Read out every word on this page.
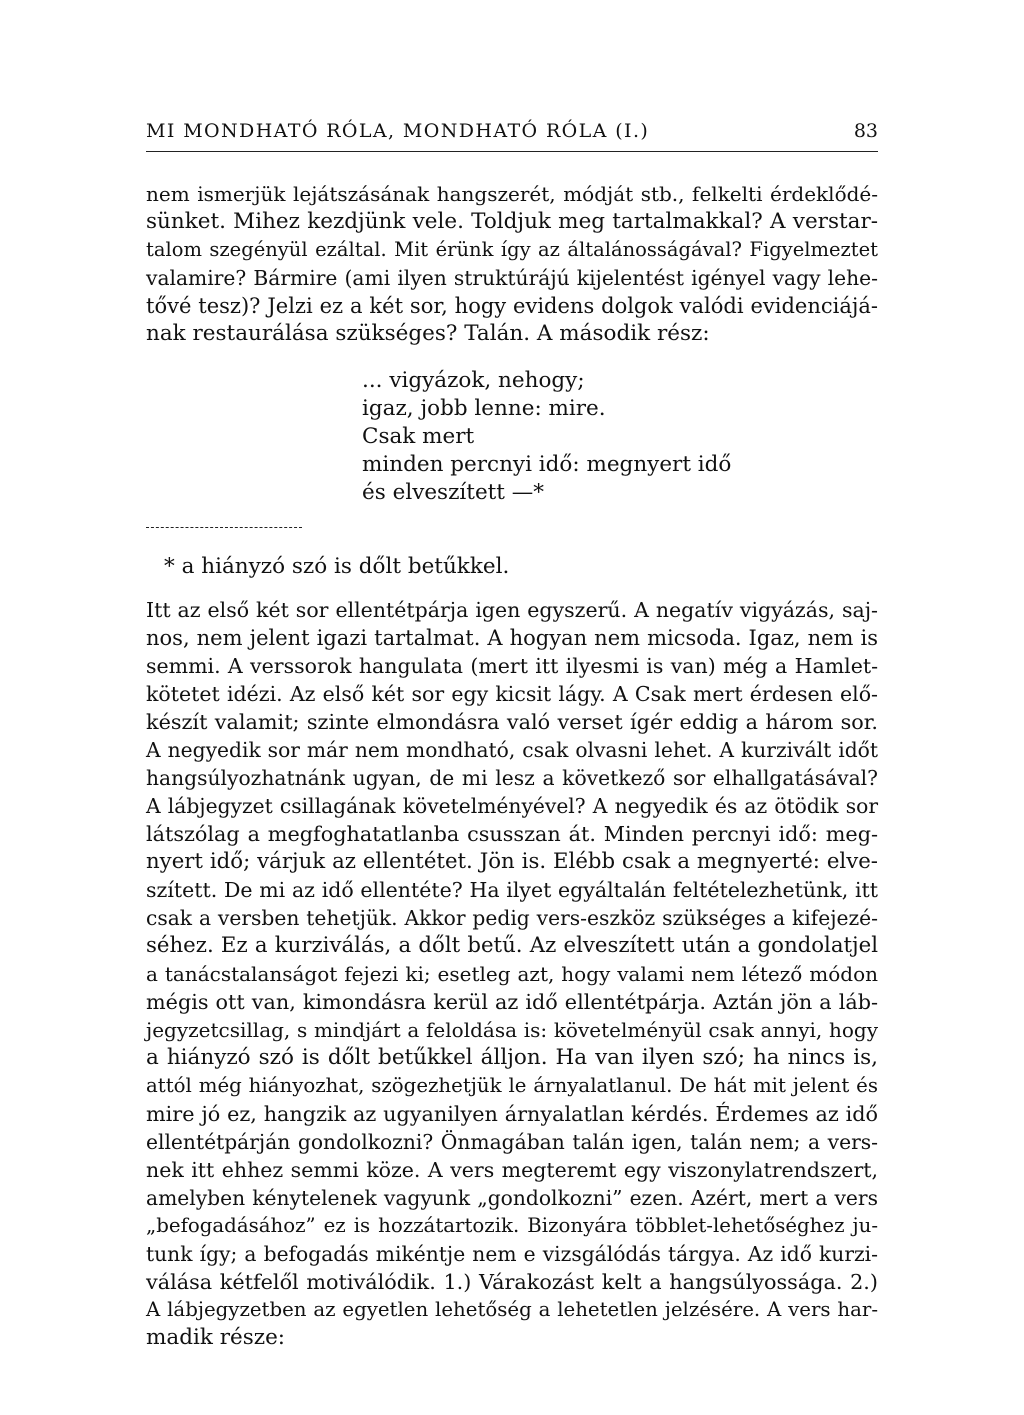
MI MONDHATÓ RÓLA, MONDHATÓ RÓLA (I.)	83
nem ismerjük lejátszásának hangszerét, módját stb., felkelti érdeklődé-
sünket. Mihez kezdjünk vele. Toldjuk meg tartalmakkal? A verstar-
talom szegényül ezáltal. Mit érünk így az általánosságával? Figyelmeztet
valamire? Bármire (ami ilyen struktúrájú kijelentést igényel vagy lehe-
tővé tesz)? Jelzi ez a két sor, hogy evidens dolgok valódi evidenciájá-
nak restaurálása szükséges? Talán. A második rész:
... vigyázok, nehogy;
igaz, jobb lenne: mire.
Csak mert
minden percnyi idő: megnyert idő
és elveszített —*
* a hiányzó szó is dőlt betűkkel.
Itt az első két sor ellentétpárja igen egyszerű. A negatív vigyázás, saj-
nos, nem jelent igazi tartalmat. A hogyan nem micsoda. Igaz, nem is
semmi. A verssorok hangulata (mert itt ilyesmi is van) még a Hamlet-
kötetet idézi. Az első két sor egy kicsit lágy. A Csak mert érdesen elő-
készít valamit; szinte elmondásra való verset ígér eddig a három sor.
A negyedik sor már nem mondható, csak olvasni lehet. A kurzivált időt
hangsúlyozhatnánk ugyan, de mi lesz a következő sor elhallgatásával?
A lábjegyzet csillagának követelményével? A negyedik és az ötödik sor
látszólag a megfoghatatlanba csusszan át. Minden percnyi idő: meg-
nyert idő; várjuk az ellentétet. Jön is. Elébb csak a megnyerté: elve-
szített. De mi az idő ellentéte? Ha ilyet egyáltalán feltételezhetünk, itt
csak a versben tehetjük. Akkor pedig vers-eszköz szükséges a kifejezé-
séhez. Ez a kurziválás, a dőlt betű. Az elveszített után a gondolatjel
a tanácstalanságot fejezi ki; esetleg azt, hogy valami nem létező módon
mégis ott van, kimondásra kerül az idő ellentétpárja. Aztán jön a láb-
jegyzetcsillag, s mindjárt a feloldása is: követelményül csak annyi, hogy
a hiányzó szó is dőlt betűkkel álljon. Ha van ilyen szó; ha nincs is,
attól még hiányozhat, szögezhetjük le árnyalatlanul. De hát mit jelent és
mire jó ez, hangzik az ugyanilyen árnyalatlan kérdés. Érdemes az idő
ellentétpárján gondolkozni? Önmagában talán igen, talán nem; a vers-
nek itt ehhez semmi köze. A vers megteremt egy viszonylatrendszert,
amelyben kénytelenek vagyunk „gondolkozni” ezen. Azért, mert a vers
„befogadásához” ez is hozzátartozik. Bizonyára többlet-lehetőséghez ju-
tunk így; a befogadás mikéntje nem e vizsgálódás tárgya. Az idő kurzi-
válása kétfelől motiválódik. 1.) Várakozást kelt a hangsúlyossága. 2.)
A lábjegyzetben az egyetlen lehetőség a lehetetlen jelzésére. A vers har-
madik része:
